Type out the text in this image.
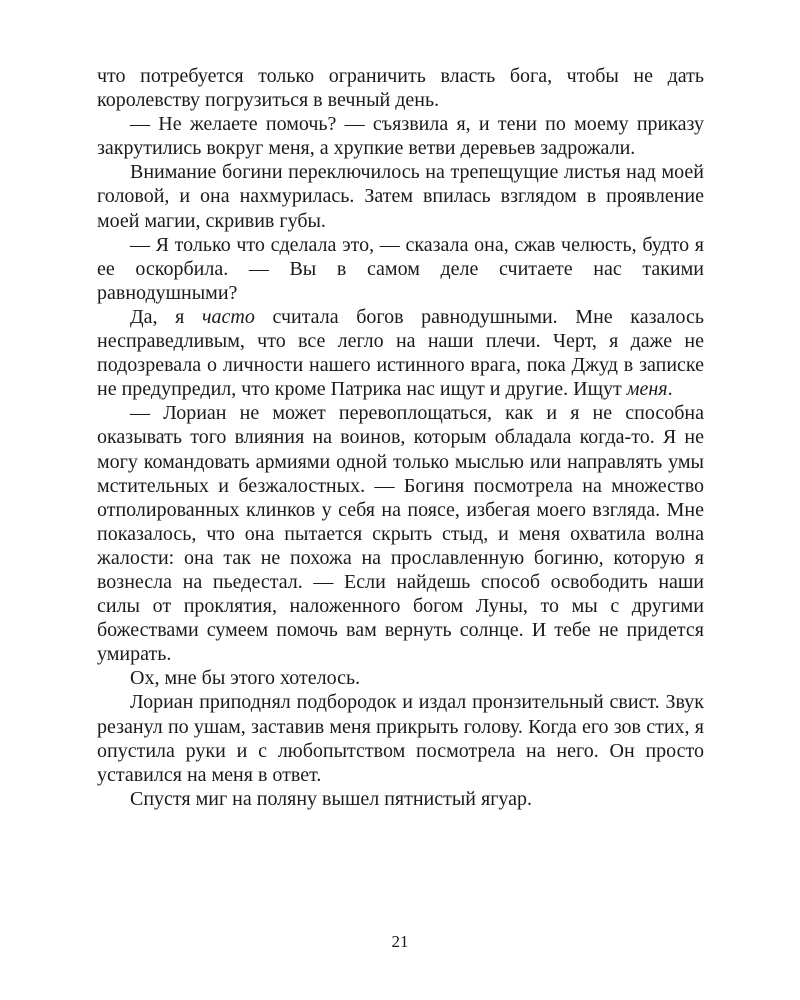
что потребуется только ограничить власть бога, чтобы не дать королевству погрузиться в вечный день.

— Не желаете помочь? — съязвила я, и тени по моему приказу закрутились вокруг меня, а хрупкие ветви деревьев задрожали.

Внимание богини переключилось на трепещущие листья над моей головой, и она нахмурилась. Затем впилась взглядом в проявление моей магии, скривив губы.

— Я только что сделала это, — сказала она, сжав челюсть, будто я ее оскорбила. — Вы в самом деле считаете нас такими равнодушными?

Да, я часто считала богов равнодушными. Мне казалось несправедливым, что все легло на наши плечи. Черт, я даже не подозревала о личности нашего истинного врага, пока Джуд в записке не предупредил, что кроме Патрика нас ищут и другие. Ищут меня.

— Лориан не может перевоплощаться, как и я не способна оказывать того влияния на воинов, которым обладала когда-то. Я не могу командовать армиями одной только мыслью или направлять умы мстительных и безжалостных. — Богиня посмотрела на множество отполированных клинков у себя на поясе, избегая моего взгляда. Мне показалось, что она пытается скрыть стыд, и меня охватила волна жалости: она так не похожа на прославленную богиню, которую я вознесла на пьедестал. — Если найдешь способ освободить наши силы от проклятия, наложенного богом Луны, то мы с другими божествами сумеем помочь вам вернуть солнце. И тебе не придется умирать.

Ох, мне бы этого хотелось.

Лориан приподнял подбородок и издал пронзительный свист. Звук резанул по ушам, заставив меня прикрыть голову. Когда его зов стих, я опустила руки и с любопытством посмотрела на него. Он просто уставился на меня в ответ.

Спустя миг на поляну вышел пятнистый ягуар.

21
